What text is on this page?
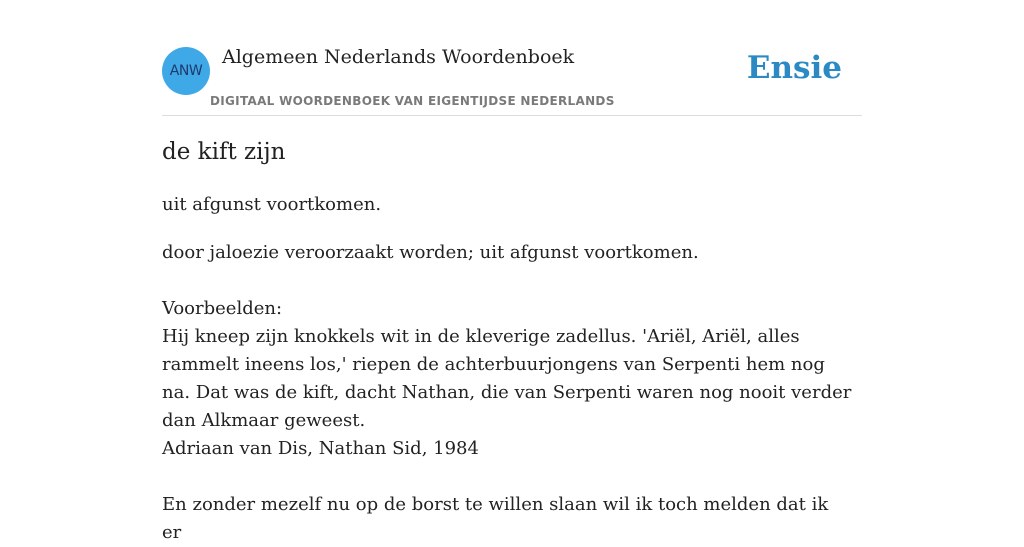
ANW
Algemeen Nederlands Woordenboek
DIGITAAL WOORDENBOEK VAN EIGENTIJDSE NEDERLANDS
Ensie
de kift zijn
uit afgunst voortkomen.

door jaloezie veroorzaakt worden; uit afgunst voortkomen.

Voorbeelden:

Hij kneep zijn knokkels wit in de kleverige zadellus. 'Ariël, Ariël, alles rammelt ineens los,' riepen de achterbuurjongens van Serpenti hem nog na. Dat was de kift, dacht Nathan, die van Serpenti waren nog nooit verder dan Alkmaar geweest.

Adriaan van Dis, Nathan Sid, 1984

En zonder mezelf nu op de borst te willen slaan wil ik toch melden dat ik er
